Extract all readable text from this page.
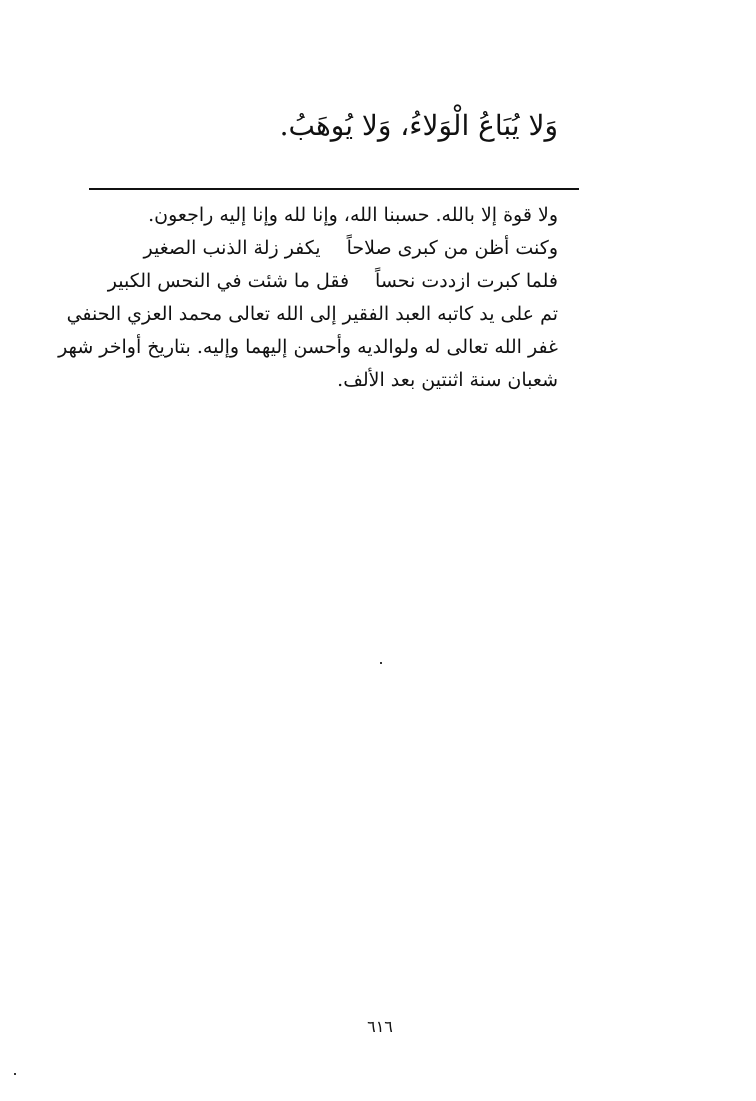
وَلا يُبَاعُ الْوَلاءُ، وَلا يُوهَبُ.

ولا قوة إلا بالله. حسبنا الله، وإنا لله وإنا إليه راجعون.

وكنت أظن من كبرى صلاحاً
يكفر زلة الذنب الصغير
فلما كبرت ازددت نحساً
فقل ما شئت في النحس الكبير

تم على يد كاتبه العبد الفقير إلى الله تعالى محمد العزي الحنفي

غفر الله تعالى له ولوالديه وأحسن إليهما وإليه. بتاريخ أواخر شهر

شعبان سنة اثنتين بعد الألف.

٦١٦
